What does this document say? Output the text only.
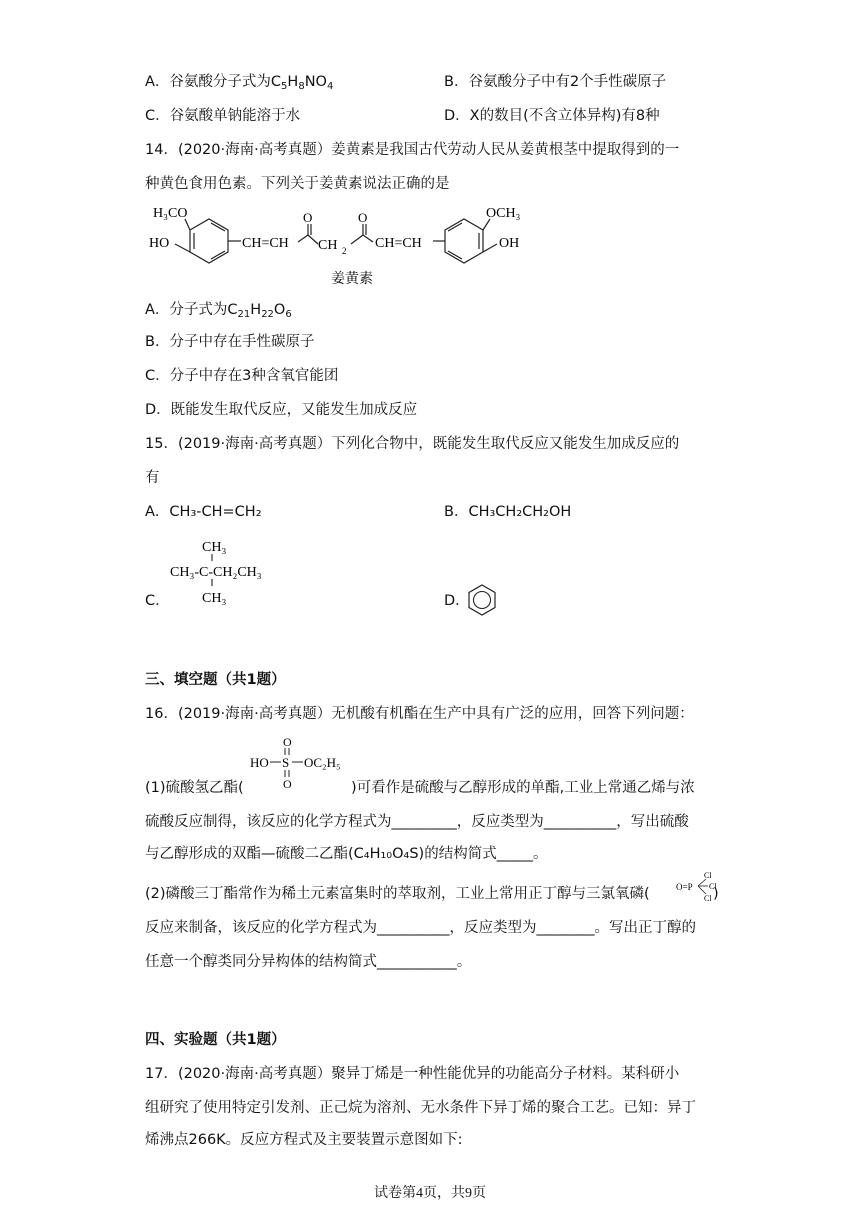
A．谷氨酸分子式为$C_5H_8NO_4$	B．谷氨酸分子中有2个手性碳原子
C．谷氨酸单钠能溶于水	D．X的数目(不含立体异构)有8种
14．(2020·海南·高考真题）姜黄素是我国古代劳动人民从姜黄根茎中提取得到的一
种黄色食用色素。下列关于姜黄素说法正确的是
H₃CO
HO	CH=CH
O
CH 2
O
CH=CH
OCH₃
OH
姜黄素
A．分子式为$C_{21}H_{22}O_6$
B．分子中存在手性碳原子
C．分子中存在3种含氧官能团
D．既能发生取代反应，又能发生加成反应
15．(2019·海南·高考真题）下列化合物中，既能发生取代反应又能发生加成反应的
有
A．CH₃-CH=CH₂	B．CH₃CH₂CH₂OH
CH₃
CH₃-C-CH₂CH₃
CH₃
C．	D．
三、填空题（共1题）
16．(2019·海南·高考真题）无机酸有机酯在生产中具有广泛的应用，回答下列问题：
HO S OC₂H₅
O
O
(1)硫酸氢乙酯(	)可看作是硫酸与乙醇形成的单酯,工业上常通乙烯与浓
硫酸反应制得，该反应的化学方程式为_________，反应类型为__________，写出硫酸
与乙醇形成的双酯—硫酸二乙酯(C₄H₁₀O₄S)的结构简式_____。
(2)磷酸三丁酯常作为稀土元素富集时的萃取剂，工业上常用正丁醇与三氯氧磷(	O=P
Cl
Cl
Cl )
反应来制备，该反应的化学方程式为__________，反应类型为________。写出正丁醇的
任意一个醇类同分异构体的结构简式___________。
四、实验题（共1题）
17．(2020·海南·高考真题）聚异丁烯是一种性能优异的功能高分子材料。某科研小
组研究了使用特定引发剂、正己烷为溶剂、无水条件下异丁烯的聚合工艺。已知：异丁
烯沸点266K。反应方程式及主要装置示意图如下:
试卷第4页，共9页
